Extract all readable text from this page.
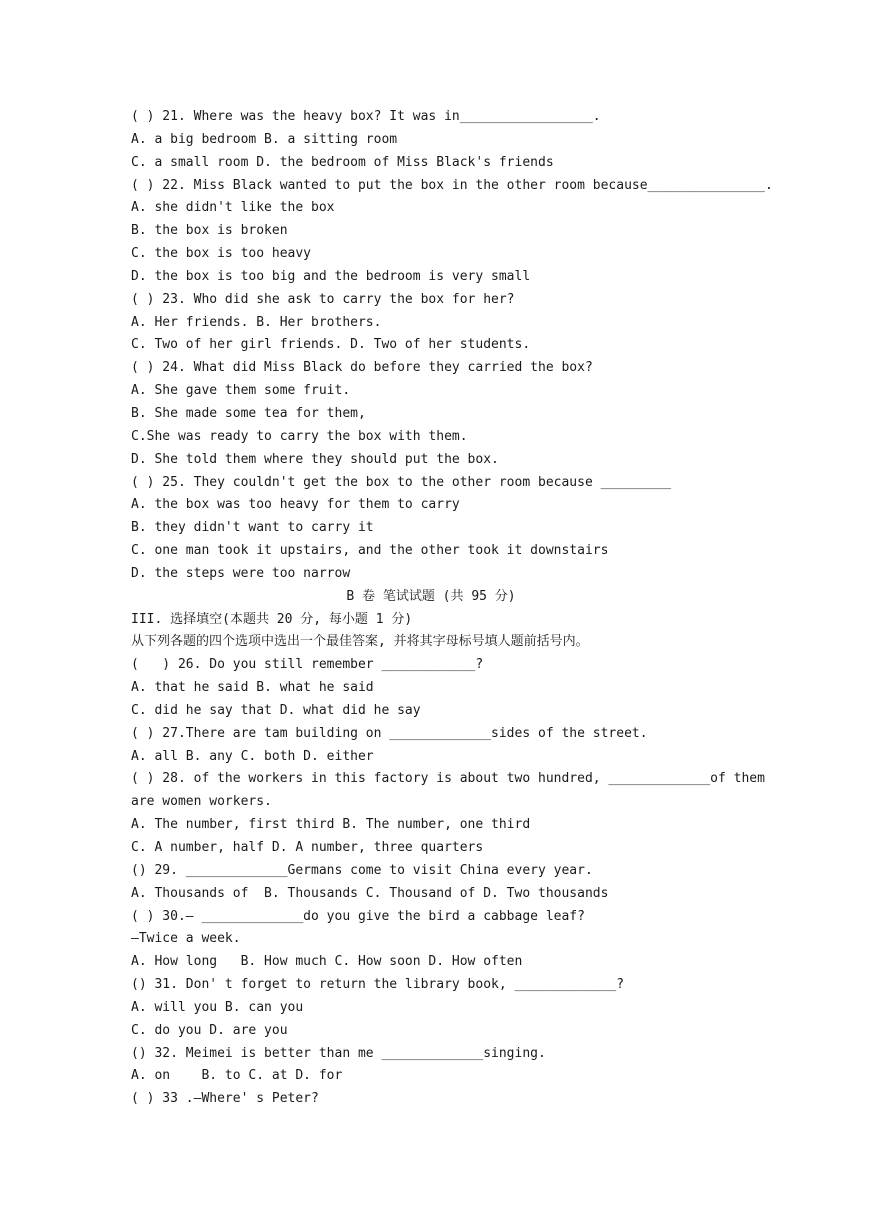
( ) 21. Where was the heavy box? It was in_________________.
A. a big bedroom B. a sitting room
C. a small room D. the bedroom of Miss Black's friends
( ) 22. Miss Black wanted to put the box in the other room because_______________.
A. she didn't like the box
B. the box is broken
C. the box is too heavy
D. the box is too big and the bedroom is very small
( ) 23. Who did she ask to carry the box for her?
A. Her friends. B. Her brothers.
C. Two of her girl friends. D. Two of her students.
( ) 24. What did Miss Black do before they carried the box?
A. She gave them some fruit.
B. She made some tea for them,
C.She was ready to carry the box with them.
D. She told them where they should put the box.
( ) 25. They couldn't get the box to the other room because _________
A. the box was too heavy for them to carry
B. they didn't want to carry it
C. one man took it upstairs, and the other took it downstairs
D. the steps were too narrow
B 卷 笔试试题 (共 95 分)
III. 选择填空(本题共 20 分, 每小题 1 分)
从下列各题的四个选项中选出一个最佳答案, 并将其字母标号填人题前括号内。
(   ) 26. Do you still remember ____________?
A. that he said B. what he said
C. did he say that D. what did he say
( ) 27.There are tam building on _____________sides of the street.
A. all B. any C. both D. either
( ) 28. of the workers in this factory is about two hundred, _____________of them
are women workers.
A. The number, first third B. The number, one third
C. A number, half D. A number, three quarters
() 29. _____________Germans come to visit China every year.
A. Thousands of  B. Thousands C. Thousand of D. Two thousands
( ) 30.— _____________do you give the bird a cabbage leaf?
—Twice a week.
A. How long   B. How much C. How soon D. How often
() 31. Don' t forget to return the library book, _____________?
A. will you B. can you
C. do you D. are you
() 32. Meimei is better than me _____________singing.
A. on    B. to C. at D. for
( ) 33 .—Where' s Peter?
